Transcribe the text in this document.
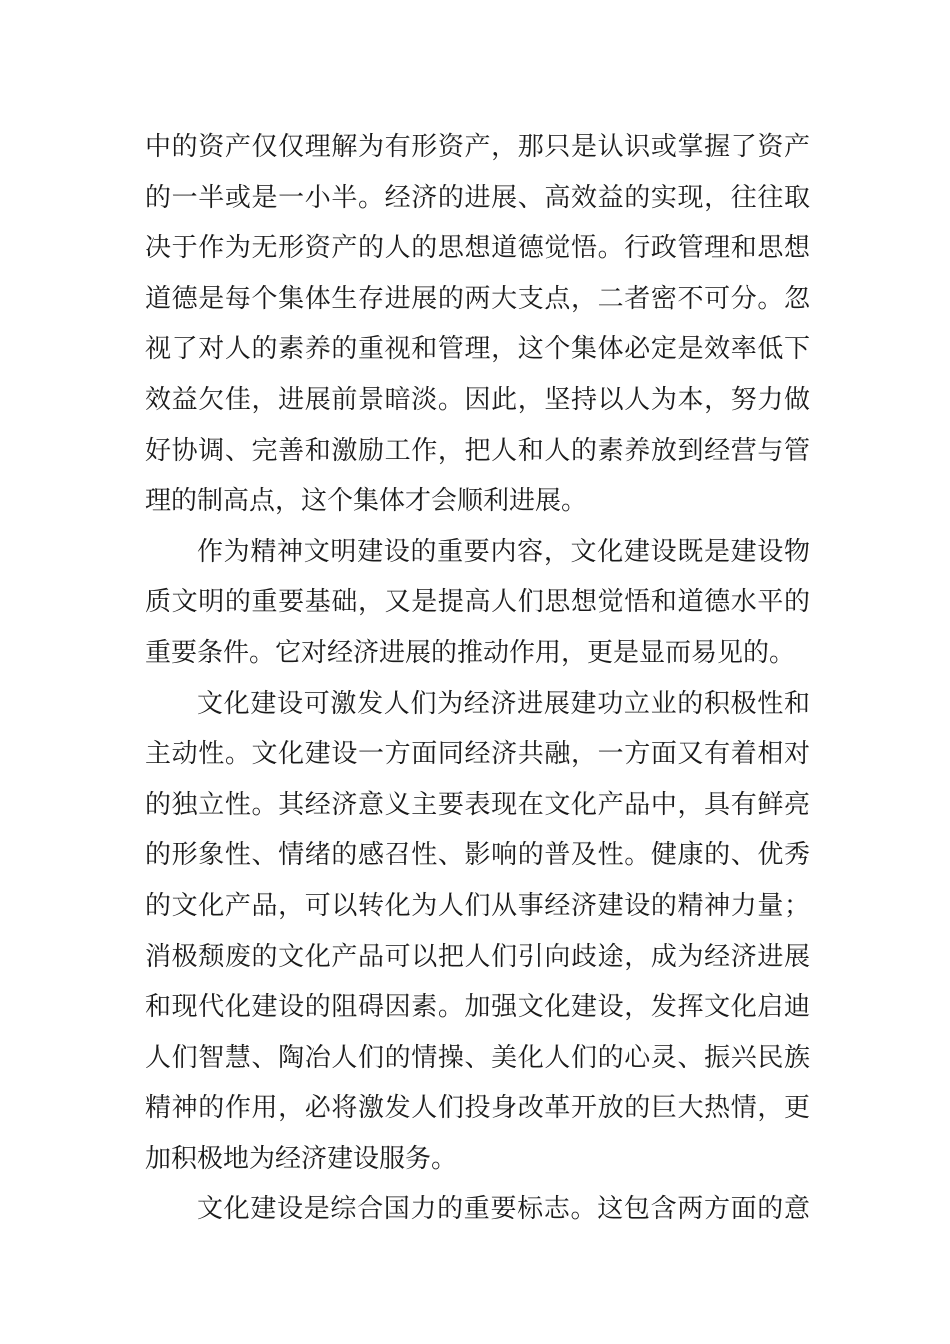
中的资产仅仅理解为有形资产，那只是认识或掌握了资产
的一半或是一小半。经济的进展、高效益的实现，往往取
决于作为无形资产的人的思想道德觉悟。行政管理和思想
道德是每个集体生存进展的两大支点，二者密不可分。忽
视了对人的素养的重视和管理，这个集体必定是效率低下
效益欠佳，进展前景暗淡。因此，坚持以人为本，努力做
好协调、完善和激励工作，把人和人的素养放到经营与管
理的制高点，这个集体才会顺利进展。
作为精神文明建设的重要内容，文化建设既是建设物
质文明的重要基础，又是提高人们思想觉悟和道德水平的
重要条件。它对经济进展的推动作用，更是显而易见的。
文化建设可激发人们为经济进展建功立业的积极性和
主动性。文化建设一方面同经济共融，一方面又有着相对
的独立性。其经济意义主要表现在文化产品中，具有鲜亮
的形象性、情绪的感召性、影响的普及性。健康的、优秀
的文化产品，可以转化为人们从事经济建设的精神力量；
消极颓废的文化产品可以把人们引向歧途，成为经济进展
和现代化建设的阻碍因素。加强文化建设，发挥文化启迪
人们智慧、陶冶人们的情操、美化人们的心灵、振兴民族
精神的作用，必将激发人们投身改革开放的巨大热情，更
加积极地为经济建设服务。
文化建设是综合国力的重要标志。这包含两方面的意
